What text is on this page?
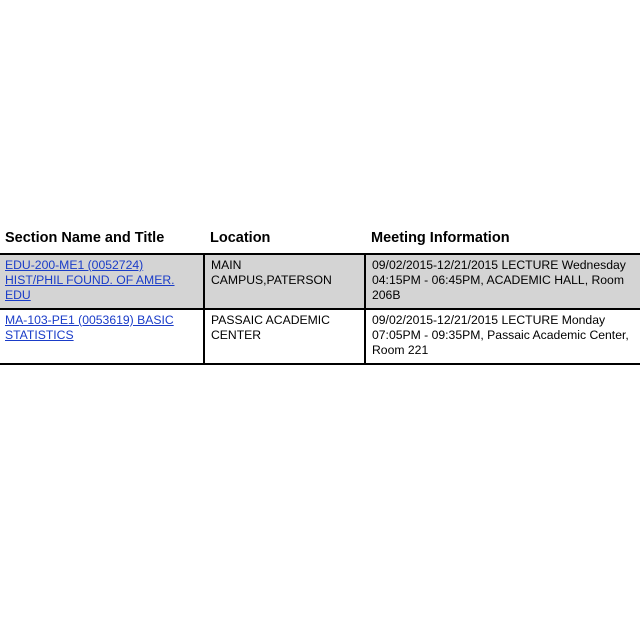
Section Name and Title	Location	Meeting Information
EDU-200-ME1 (0052724) HIST/PHIL FOUND. OF AMER. EDU	MAIN CAMPUS,PATERSON	09/02/2015-12/21/2015 LECTURE Wednesday 04:15PM - 06:45PM, ACADEMIC HALL, Room 206B
MA-103-PE1 (0053619) BASIC STATISTICS	PASSAIC ACADEMIC CENTER	09/02/2015-12/21/2015 LECTURE Monday 07:05PM - 09:35PM, Passaic Academic Center, Room 221
